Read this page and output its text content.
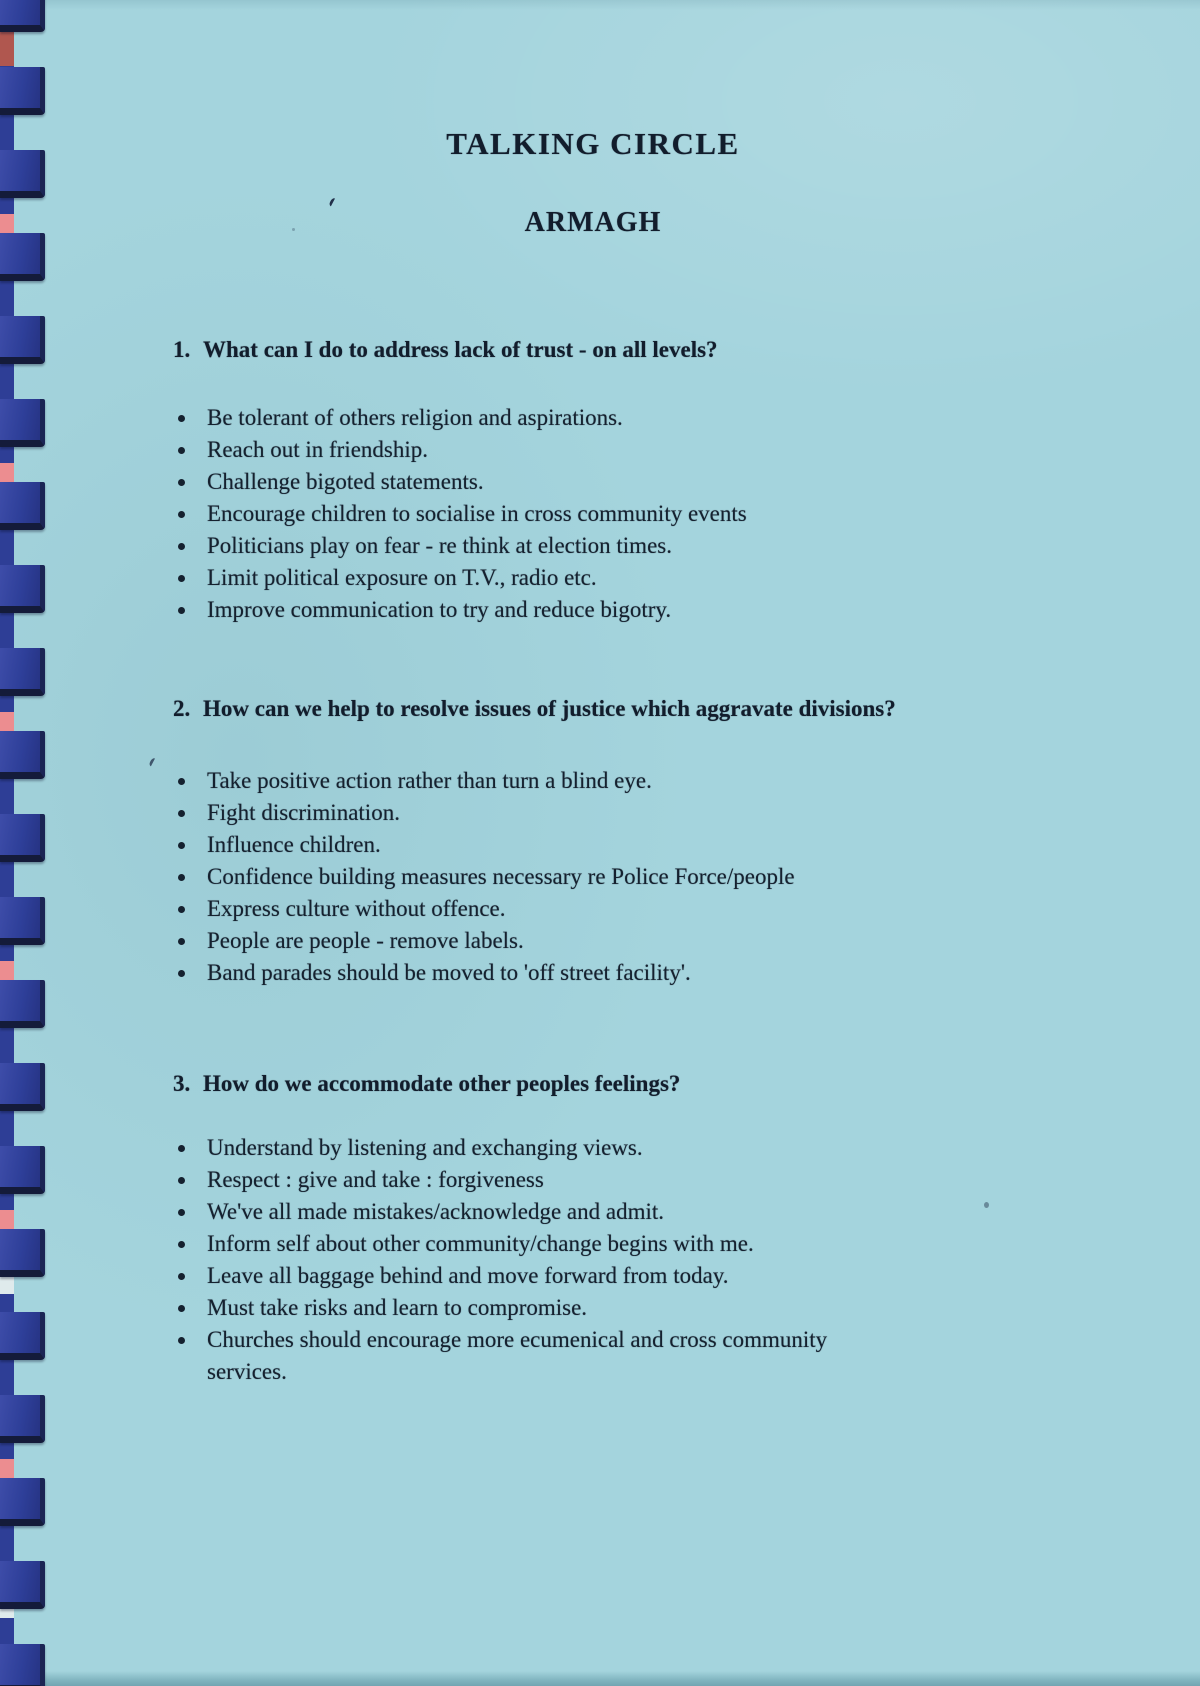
TALKING CIRCLE
ARMAGH
1. What can I do to address lack of trust - on all levels?
Be tolerant of others religion and aspirations.
Reach out in friendship.
Challenge bigoted statements.
Encourage children to socialise in cross community events
Politicians play on fear - re think at election times.
Limit political exposure on T.V., radio etc.
Improve communication to try and reduce bigotry.
2. How can we help to resolve issues of justice which aggravate divisions?
Take positive action rather than turn a blind eye.
Fight discrimination.
Influence children.
Confidence building measures necessary re Police Force/people
Express culture without offence.
People are people - remove labels.
Band parades should be moved to 'off street facility'.
3. How do we accommodate other peoples feelings?
Understand by listening and exchanging views.
Respect : give and take : forgiveness
We've all made mistakes/acknowledge and admit.
Inform self about other community/change begins with me.
Leave all baggage behind and move forward from today.
Must take risks and learn to compromise.
Churches should encourage more ecumenical and cross community services.
